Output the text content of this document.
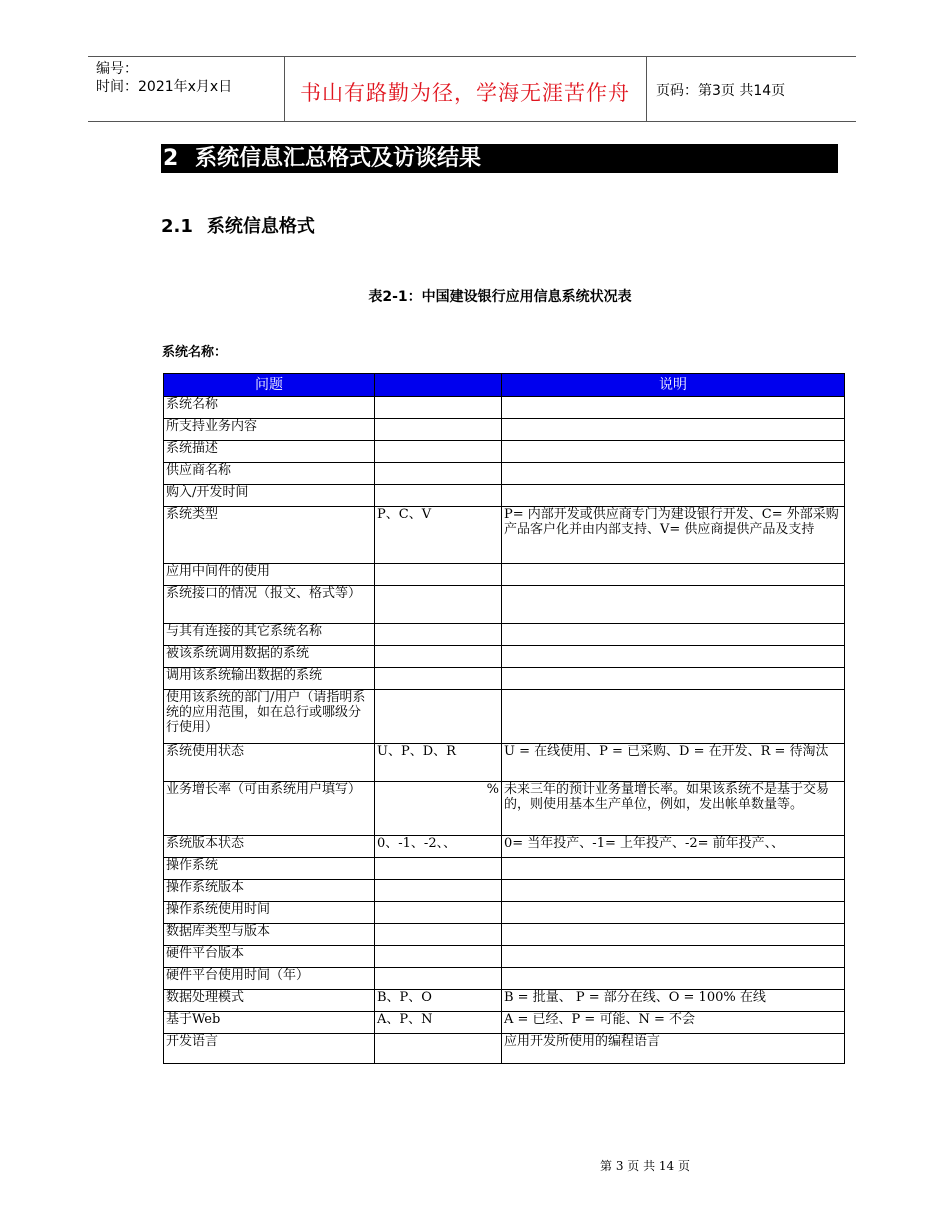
编号：
时间：2021年x月x日	书山有路勤为径，学海无涯苦作舟	页码：第3页 共14页
2 系统信息汇总格式及访谈结果
2.1 系统信息格式
表2-1：中国建设银行应用信息系统状况表
系统名称：
问题		说明
系统名称		
所支持业务内容		
系统描述		
供应商名称		
购入/开发时间		
系统类型	P、C、V	P= 内部开发或供应商专门为建设银行开发、C= 外部采购产品客户化并由内部支持、V= 供应商提供产品及支持
应用中间件的使用		
系统接口的情况（报文、格式等）		
与其有连接的其它系统名称		
被该系统调用数据的系统		
调用该系统输出数据的系统		
使用该系统的部门/用户（请指明系统的应用范围，如在总行或哪级分行使用）		
系统使用状态	U、P、D、R	U = 在线使用、P = 已采购、D = 在开发、R = 待淘汰
业务增长率（可由系统用户填写）	%	未来三年的预计业务量增长率。如果该系统不是基于交易的，则使用基本生产单位，例如，发出帐单数量等。
系统版本状态	0、-1、-2、、	0= 当年投产、-1= 上年投产、-2= 前年投产、、
操作系统		
操作系统版本		
操作系统使用时间		
数据库类型与版本		
硬件平台版本		
硬件平台使用时间（年）		
数据处理模式	B、P、O	B = 批量、 P = 部分在线、O = 100% 在线
基于Web	A、P、N	A = 已经、P = 可能、N = 不会
开发语言		应用开发所使用的编程语言
第 3 页 共 14 页
